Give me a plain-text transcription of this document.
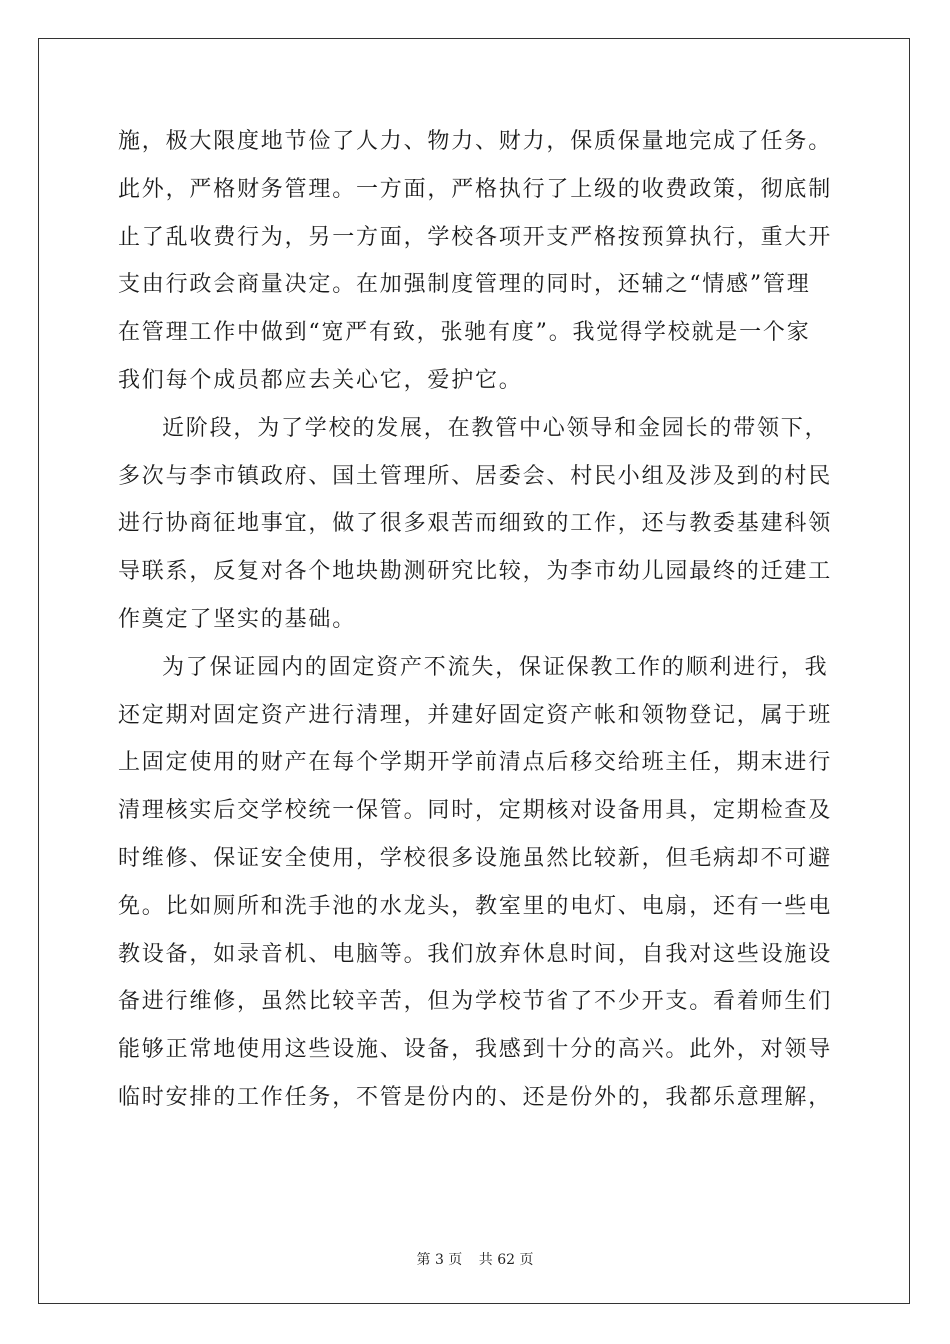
施，极大限度地节俭了人力、物力、财力，保质保量地完成了任务。
此外，严格财务管理。一方面，严格执行了上级的收费政策，彻底制
止了乱收费行为，另一方面，学校各项开支严格按预算执行，重大开
支由行政会商量决定。在加强制度管理的同时，还辅之“情感”管理
在管理工作中做到“宽严有致，张驰有度”。我觉得学校就是一个家
我们每个成员都应去关心它，爱护它。

近阶段，为了学校的发展，在教管中心领导和金园长的带领下，
多次与李市镇政府、国土管理所、居委会、村民小组及涉及到的村民
进行协商征地事宜，做了很多艰苦而细致的工作，还与教委基建科领
导联系，反复对各个地块勘测研究比较，为李市幼儿园最终的迁建工
作奠定了坚实的基础。

为了保证园内的固定资产不流失，保证保教工作的顺利进行，我
还定期对固定资产进行清理，并建好固定资产帐和领物登记，属于班
上固定使用的财产在每个学期开学前清点后移交给班主任，期末进行
清理核实后交学校统一保管。同时，定期核对设备用具，定期检查及
时维修、保证安全使用，学校很多设施虽然比较新，但毛病却不可避
免。比如厕所和洗手池的水龙头，教室里的电灯、电扇，还有一些电
教设备，如录音机、电脑等。我们放弃休息时间，自我对这些设施设
备进行维修，虽然比较辛苦，但为学校节省了不少开支。看着师生们
能够正常地使用这些设施、设备，我感到十分的高兴。此外，对领导
临时安排的工作任务，不管是份内的、还是份外的，我都乐意理解，

第 3 页 共 62 页
